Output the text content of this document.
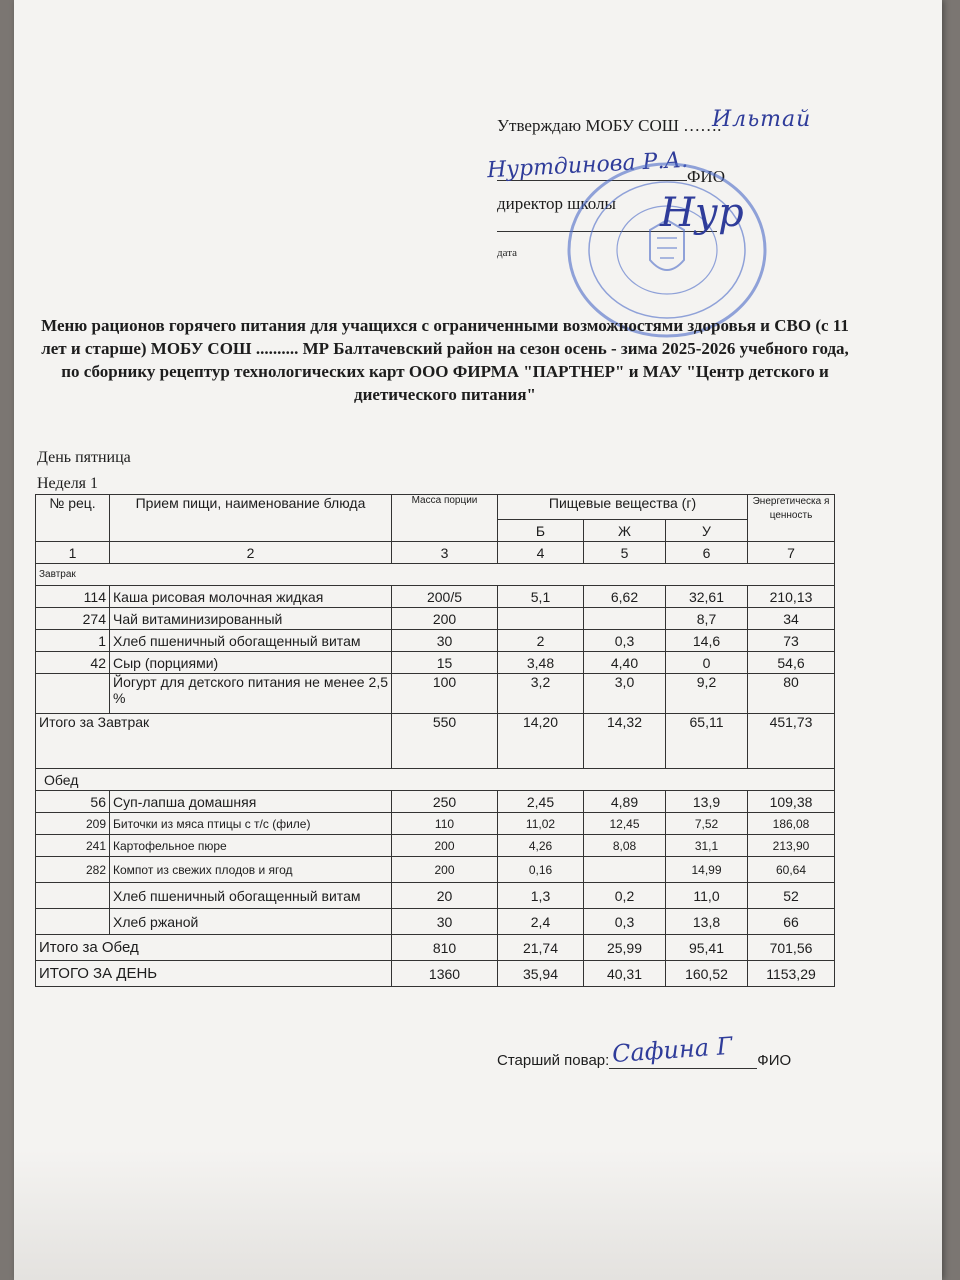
Утверждаю МОБУ СОШ …….
Ильтай
Нуртдинова Р.А.
ФИО
директор школы
дата
Нур
Меню рационов горячего питания для учащихся с ограниченными возможностями здоровья и СВО (с 11 лет и старше) МОБУ СОШ .......... МР Балтачевский район на сезон осень - зима 2025-2026 учебного года, по сборнику рецептур технологических карт ООО ФИРМА "ПАРТНЕР" и МАУ "Центр детского и диетического питания"
День пятница
Неделя 1
№ рец.	Прием пищи, наименование блюда	Масса порции	Пищевые вещества (г)			Энергетическа я ценность
			Б	Ж	У	
1	2	3	4	5	6	7
Завтрак						
114	Каша рисовая молочная жидкая	200/5	5,1	6,62	32,61	210,13
274	Чай витаминизированный	200			8,7	34
1	Хлеб пшеничный обогащенный витам	30	2	0,3	14,6	73
42	Сыр (порциями)	15	3,48	4,40	0	54,6
	Йогурт для детского питания не менее 2,5 %	100	3,2	3,0	9,2	80
Итого за Завтрак		550	14,20	14,32	65,11	451,73
Обед						
56	Суп-лапша домашняя	250	2,45	4,89	13,9	109,38
209	Биточки из мяса птицы с т/с (филе)	110	11,02	12,45	7,52	186,08
241	Картофельное пюре	200	4,26	8,08	31,1	213,90
282	Компот из свежих плодов и ягод	200	0,16		14,99	60,64
	Хлеб пшеничный обогащенный витам	20	1,3	0,2	11,0	52
	Хлеб ржаной	30	2,4	0,3	13,8	66
Итого за Обед		810	21,74	25,99	95,41	701,56
ИТОГО ЗА ДЕНЬ		1360	35,94	40,31	160,52	1153,29
Старший повар:	ФИО
Сафина Г
